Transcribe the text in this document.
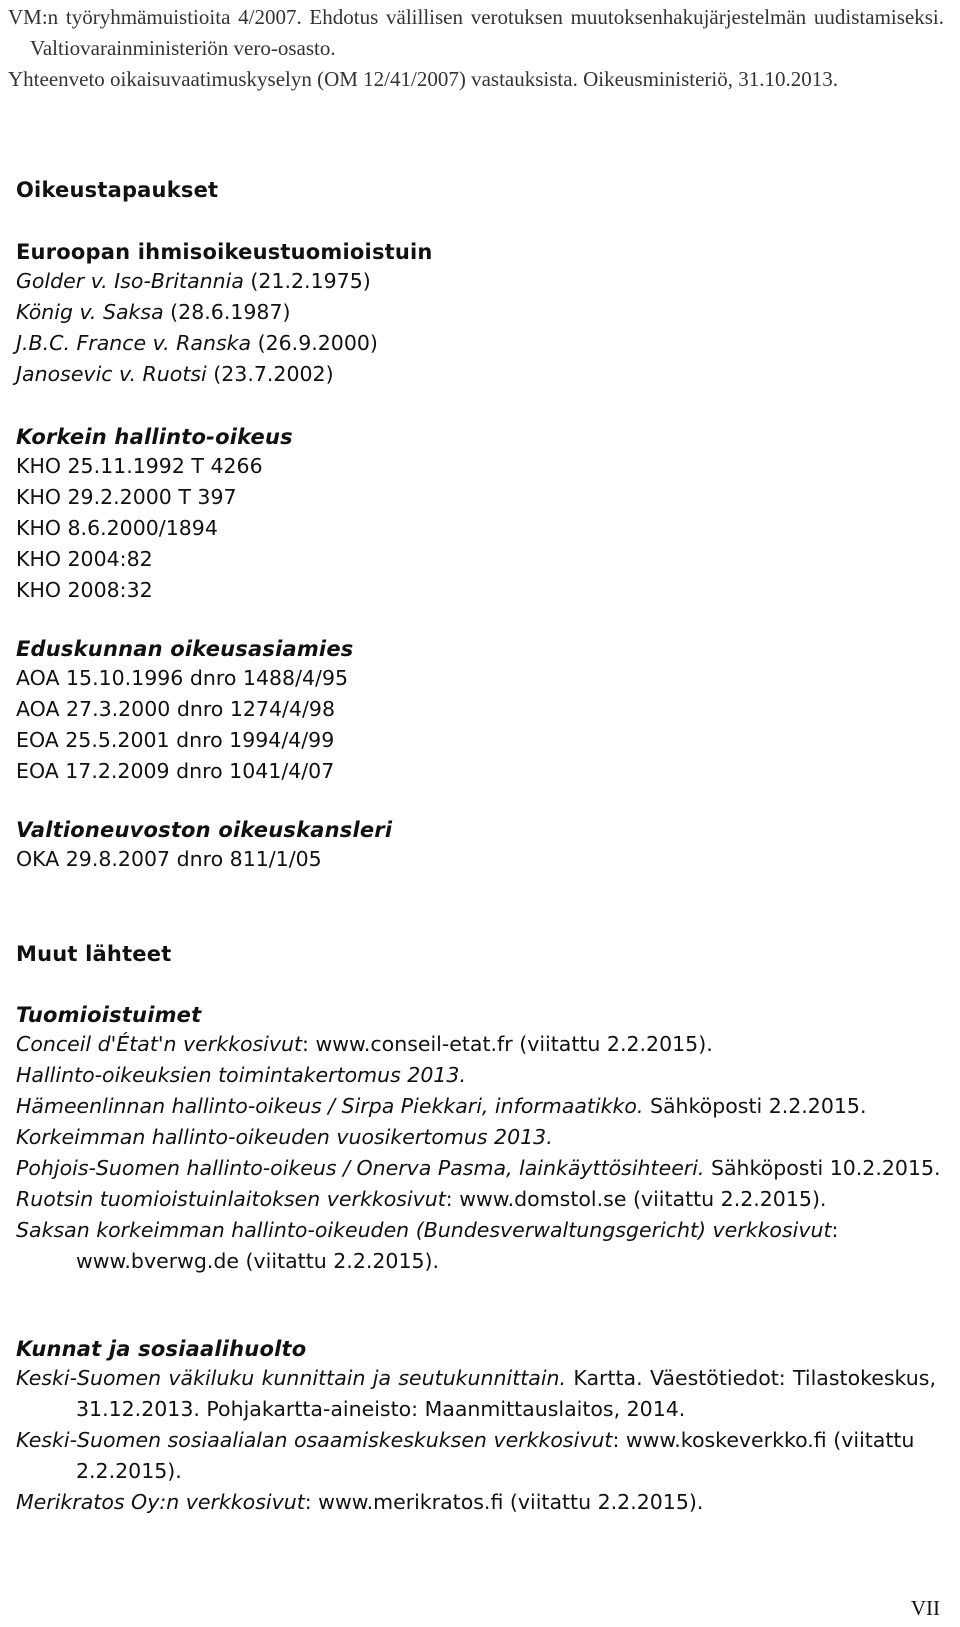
VM:n työryhmämuistioita 4/2007. Ehdotus välillisen verotuksen muutoksenhakujärjestelmän uudistamiseksi. Valtiovarainministeriön vero-osasto.

Yhteenveto oikaisuvaatimuskyselyn (OM 12/41/2007) vastauksista. Oikeusministeriö, 31.10.2013.

Oikeustapaukset

Euroopan ihmisoikeustuomioistuin

Golder v. Iso-Britannia (21.2.1975)

König v. Saksa (28.6.1987)

J.B.C. France v. Ranska (26.9.2000)

Janosevic v. Ruotsi (23.7.2002)

Korkein hallinto-oikeus

KHO 25.11.1992 T 4266

KHO 29.2.2000 T 397

KHO 8.6.2000/1894

KHO 2004:82

KHO 2008:32

Eduskunnan oikeusasiamies

AOA 15.10.1996 dnro 1488/4/95

AOA 27.3.2000 dnro 1274/4/98

EOA 25.5.2001 dnro 1994/4/99

EOA 17.2.2009 dnro 1041/4/07

Valtioneuvoston oikeuskansleri

OKA 29.8.2007 dnro 811/1/05

Muut lähteet

Tuomioistuimet

Conceil d'État'n verkkosivut: www.conseil-etat.fr (viitattu 2.2.2015).

Hallinto-oikeuksien toimintakertomus 2013.

Hämeenlinnan hallinto-oikeus / Sirpa Piekkari, informaatikko. Sähköposti 2.2.2015.

Korkeimman hallinto-oikeuden vuosikertomus 2013.

Pohjois-Suomen hallinto-oikeus / Onerva Pasma, lainkäyttösihteeri. Sähköposti 10.2.2015.

Ruotsin tuomioistuinlaitoksen verkkosivut: www.domstol.se (viitattu 2.2.2015).

Saksan korkeimman hallinto-oikeuden (Bundesverwaltungsgericht) verkkosivut: www.bverwg.de (viitattu 2.2.2015).

Kunnat ja sosiaalihuolto

Keski-Suomen väkiluku kunnittain ja seutukunnittain. Kartta. Väestötiedot: Tilastokeskus, 31.12.2013. Pohjakartta-aineisto: Maanmittauslaitos, 2014.

Keski-Suomen sosiaalialan osaamiskeskuksen verkkosivut: www.koskeverkko.fi (viitattu 2.2.2015).

Merikratos Oy:n verkkosivut: www.merikratos.fi (viitattu 2.2.2015).

VII
